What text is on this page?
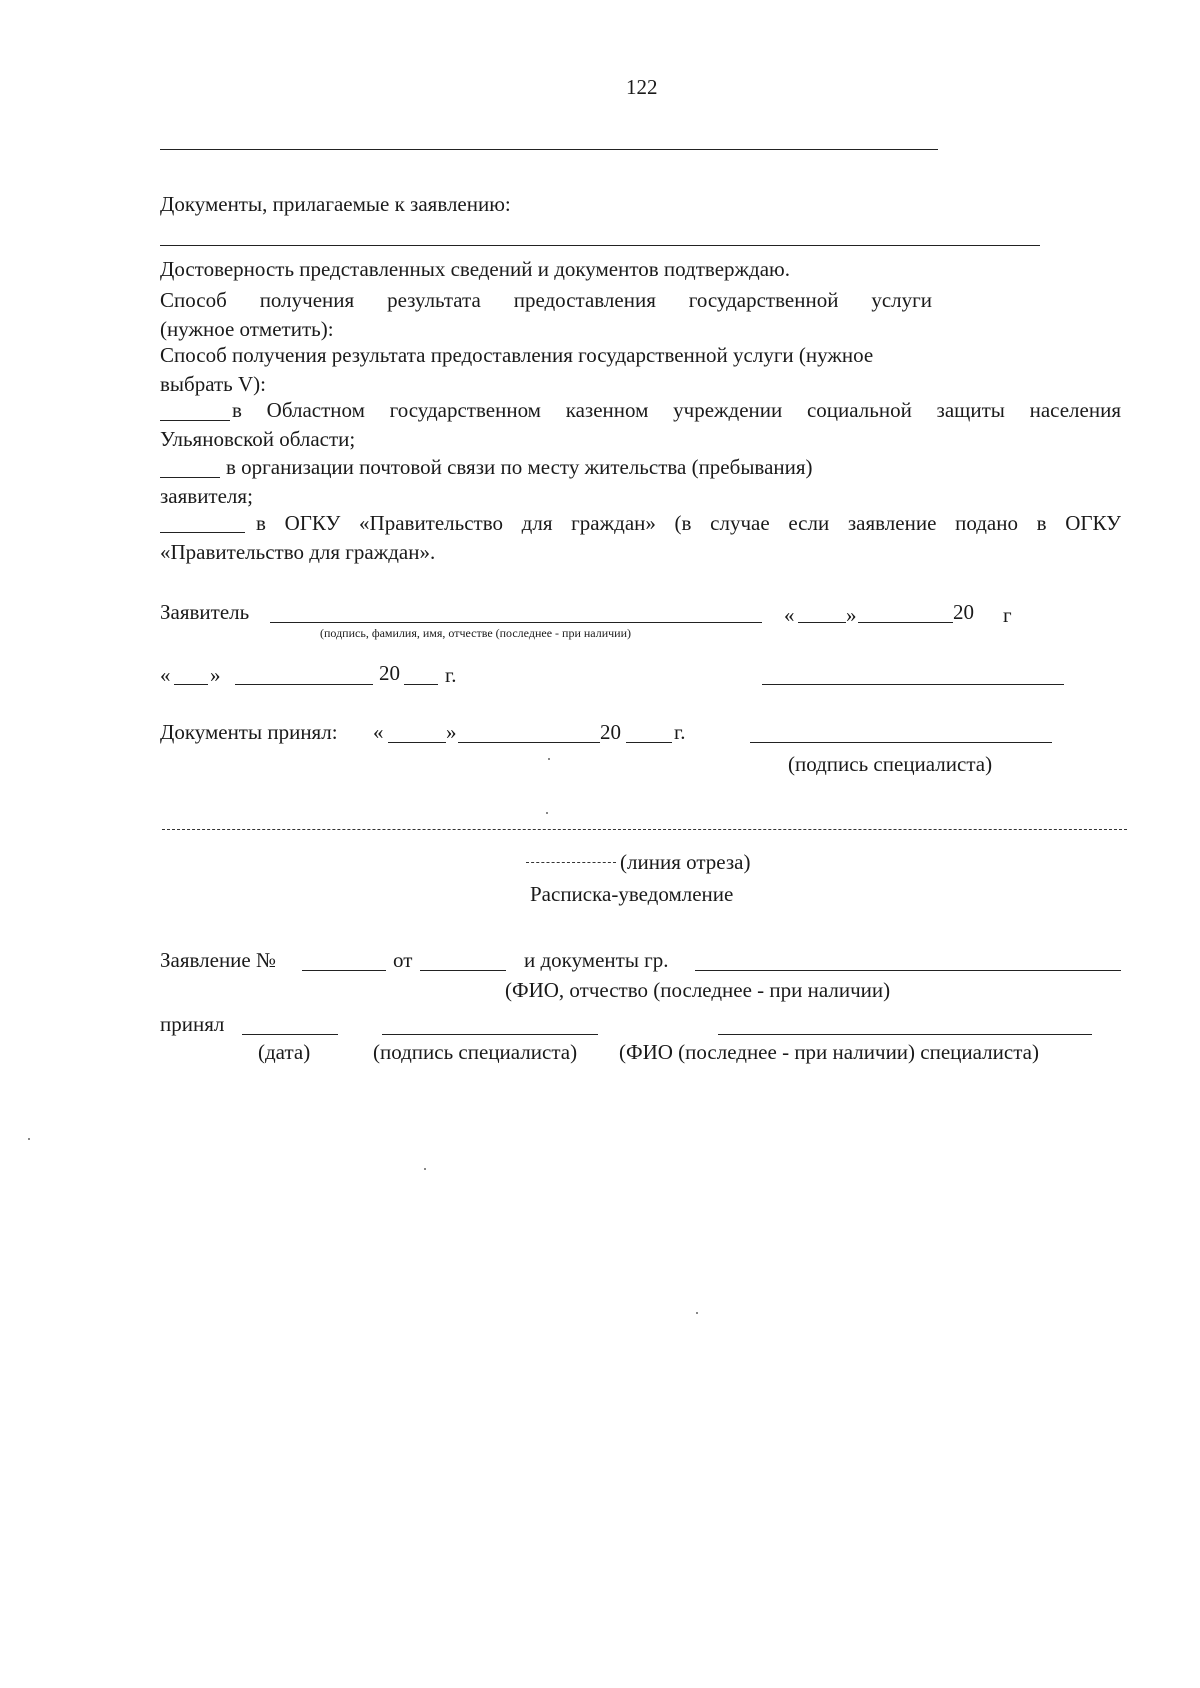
122
Документы, прилагаемые к заявлению:
Достоверность представленных сведений и документов подтверждаю.
Способ получения результата предоставления государственной услуги
(нужное отметить):
Способ получения результата предоставления государственной услуги (нужное
выбрать V):
в Областном государственном казенном учреждении социальной защиты населения
Ульяновской области;
в организации почтовой связи по месту жительства (пребывания)
заявителя;
в ОГКУ «Правительство для граждан» (в случае если заявление подано в ОГКУ
«Правительство для граждан».
Заявитель
(подпись, фамилия, имя, отчестве (последнее - при наличии)
« »	20 г
« »	20 г.
Документы принял: «	»	20	г.
(подпись специалиста)
(линия отреза)
Расписка-уведомление
Заявление №	от	и документы гр.
(ФИО, отчество (последнее - при наличии)
принял
(дата)	(подпись специалиста) (ФИО (последнее - при наличии) специалиста)
